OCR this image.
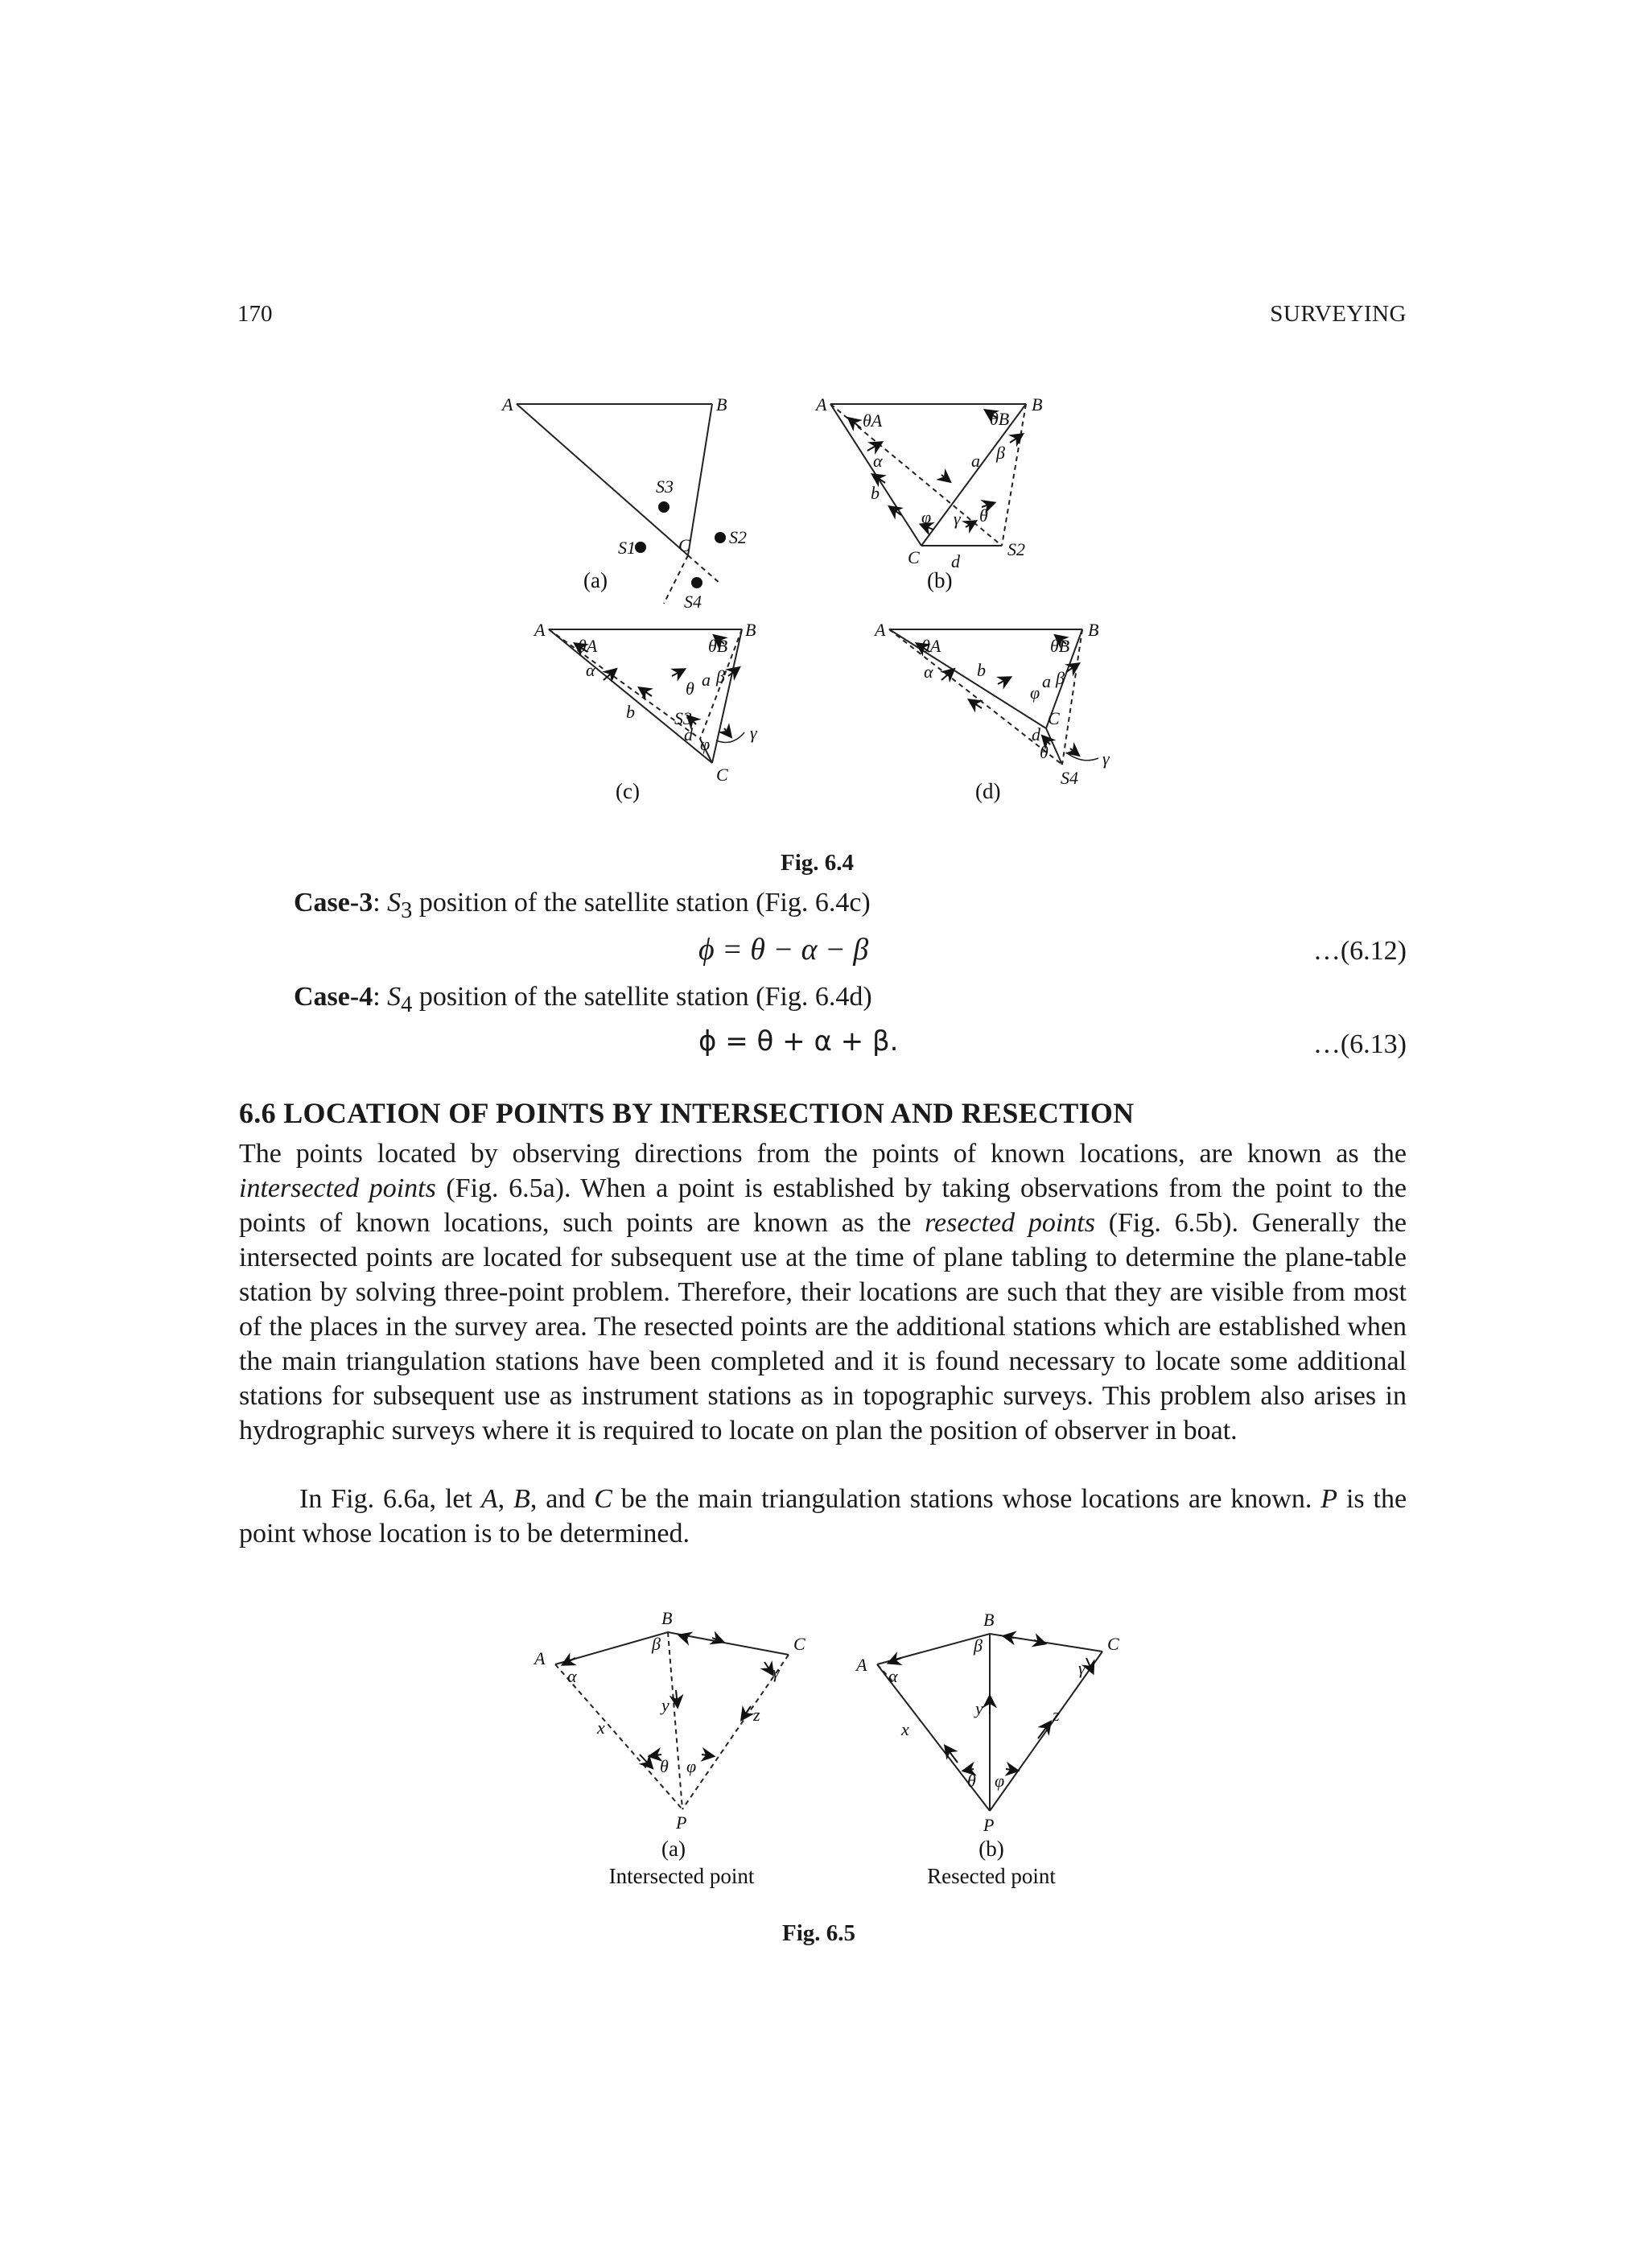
170	SURVEYING
A	B
C
S3
S2
S1
S4
(a)
A	B
C	S2
θA	θB
α	β
a
b
d
φ γ θ
(b)
A	B
C
S3
θA	θB
α	β
a
b
d
θ
φ
γ
(c)
A	B
C
S4
θA	θB
α	β
a
b
d
θ
φ
γ
(d)
Fig. 6.4
Case-3: $S_3$ position of the satellite station (Fig. 6.4c)
ϕ = θ − α − β	…(6.12)
Case-4: $S_4$ position of the satellite station (Fig. 6.4d)
ϕ = θ + α + β.	…(6.13)
6.6 LOCATION OF POINTS BY INTERSECTION AND RESECTION

The points located by observing directions from the points of known locations, are known as the intersected points (Fig. 6.5a). When a point is established by taking observations from the point to the points of known locations, such points are known as the resected points (Fig. 6.5b). Generally the intersected points are located for subsequent use at the time of plane tabling to determine the plane-table station by solving three-point problem. Therefore, their locations are such that they are visible from most of the places in the survey area. The resected points are the additional stations which are established when the main triangulation stations have been completed and it is found necessary to locate some additional stations for subsequent use as instrument stations as in topographic surveys. This problem also arises in hydrographic surveys where it is required to locate on plan the position of observer in boat.

In Fig. 6.6a, let A, B, and C be the main triangulation stations whose locations are known. P is the point whose location is to be determined.

A
B
C
P
α
β
γ
θ φ
x
y	z
(a)
Intersected point
A
B
C
P
α
β
γ
θ φ
x
y	z
(b)
Resected point
Fig. 6.5
